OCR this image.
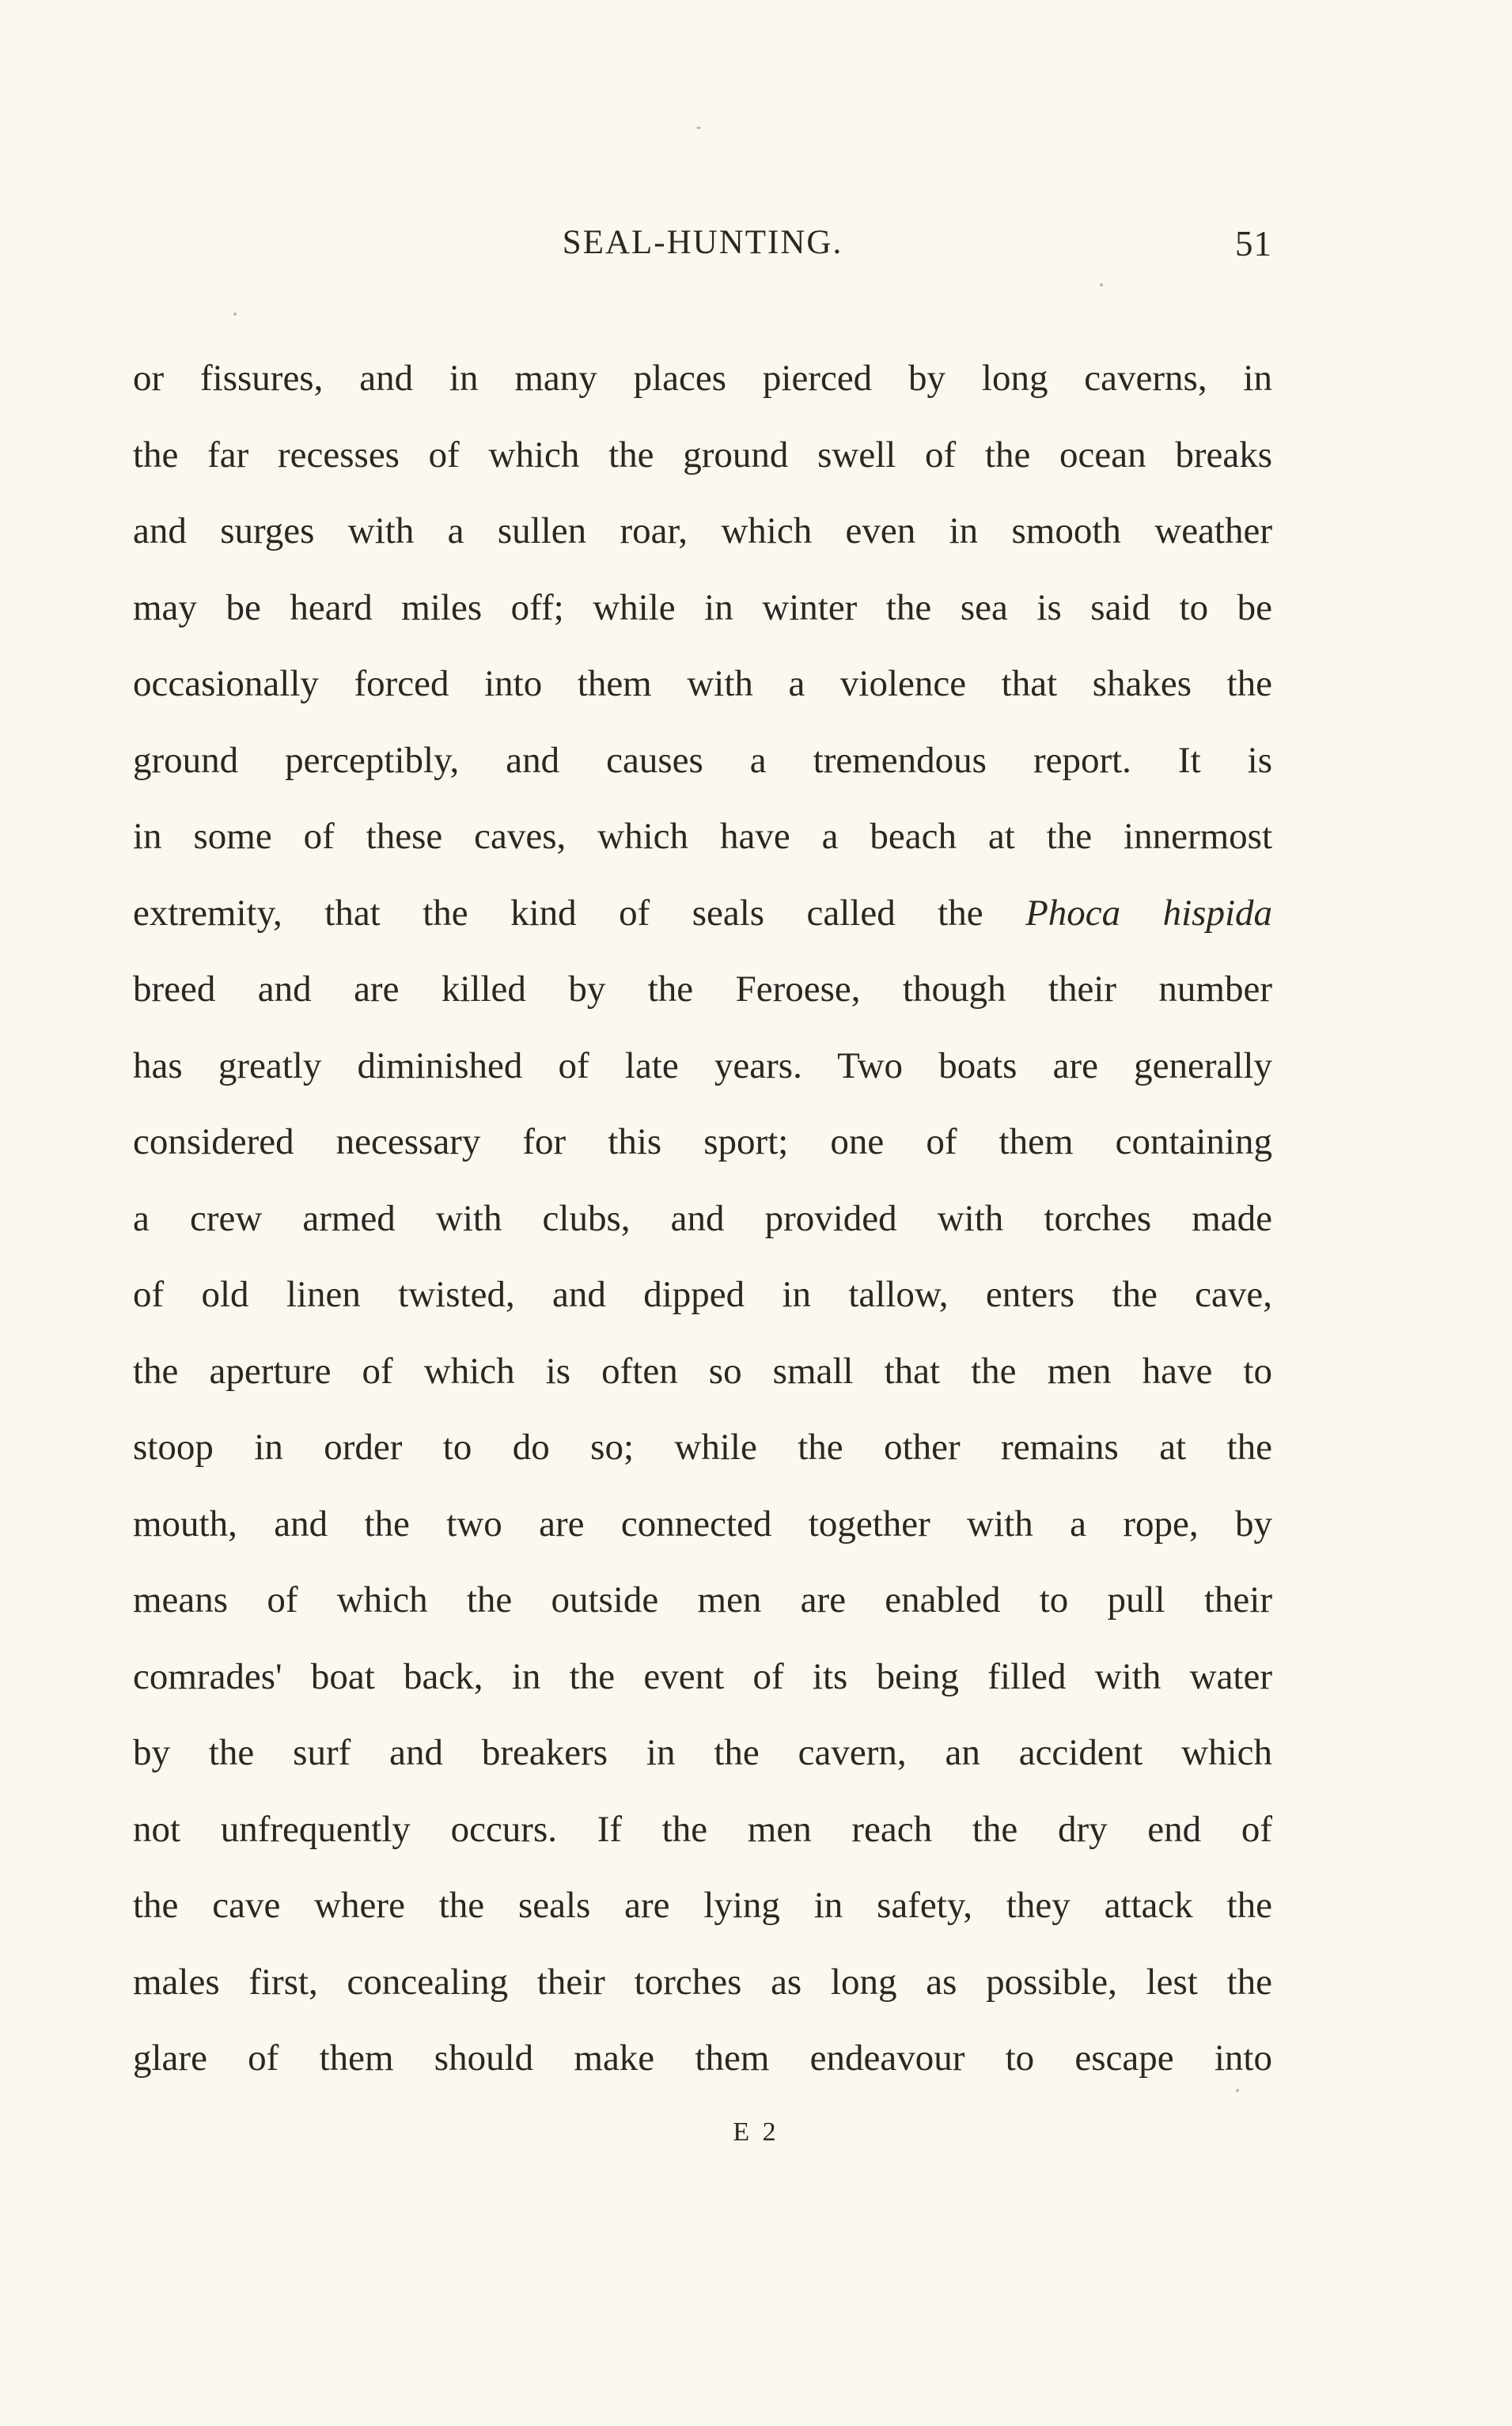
SEAL-HUNTING.	51
or fissures, and in many places pierced by long caverns, in
the far recesses of which the ground swell of the ocean breaks
and surges with a sullen roar, which even in smooth weather
may be heard miles off; while in winter the sea is said to be
occasionally forced into them with a violence that shakes the
ground perceptibly, and causes a tremendous report. It is
in some of these caves, which have a beach at the innermost
extremity, that the kind of seals called the Phoca hispida
breed and are killed by the Feroese, though their number
has greatly diminished of late years. Two boats are generally
considered necessary for this sport; one of them containing
a crew armed with clubs, and provided with torches made
of old linen twisted, and dipped in tallow, enters the cave,
the aperture of which is often so small that the men have to
stoop in order to do so; while the other remains at the
mouth, and the two are connected together with a rope, by
means of which the outside men are enabled to pull their
comrades' boat back, in the event of its being filled with water
by the surf and breakers in the cavern, an accident which
not unfrequently occurs. If the men reach the dry end of
the cave where the seals are lying in safety, they attack the
males first, concealing their torches as long as possible, lest the
glare of them should make them endeavour to escape into
E 2
